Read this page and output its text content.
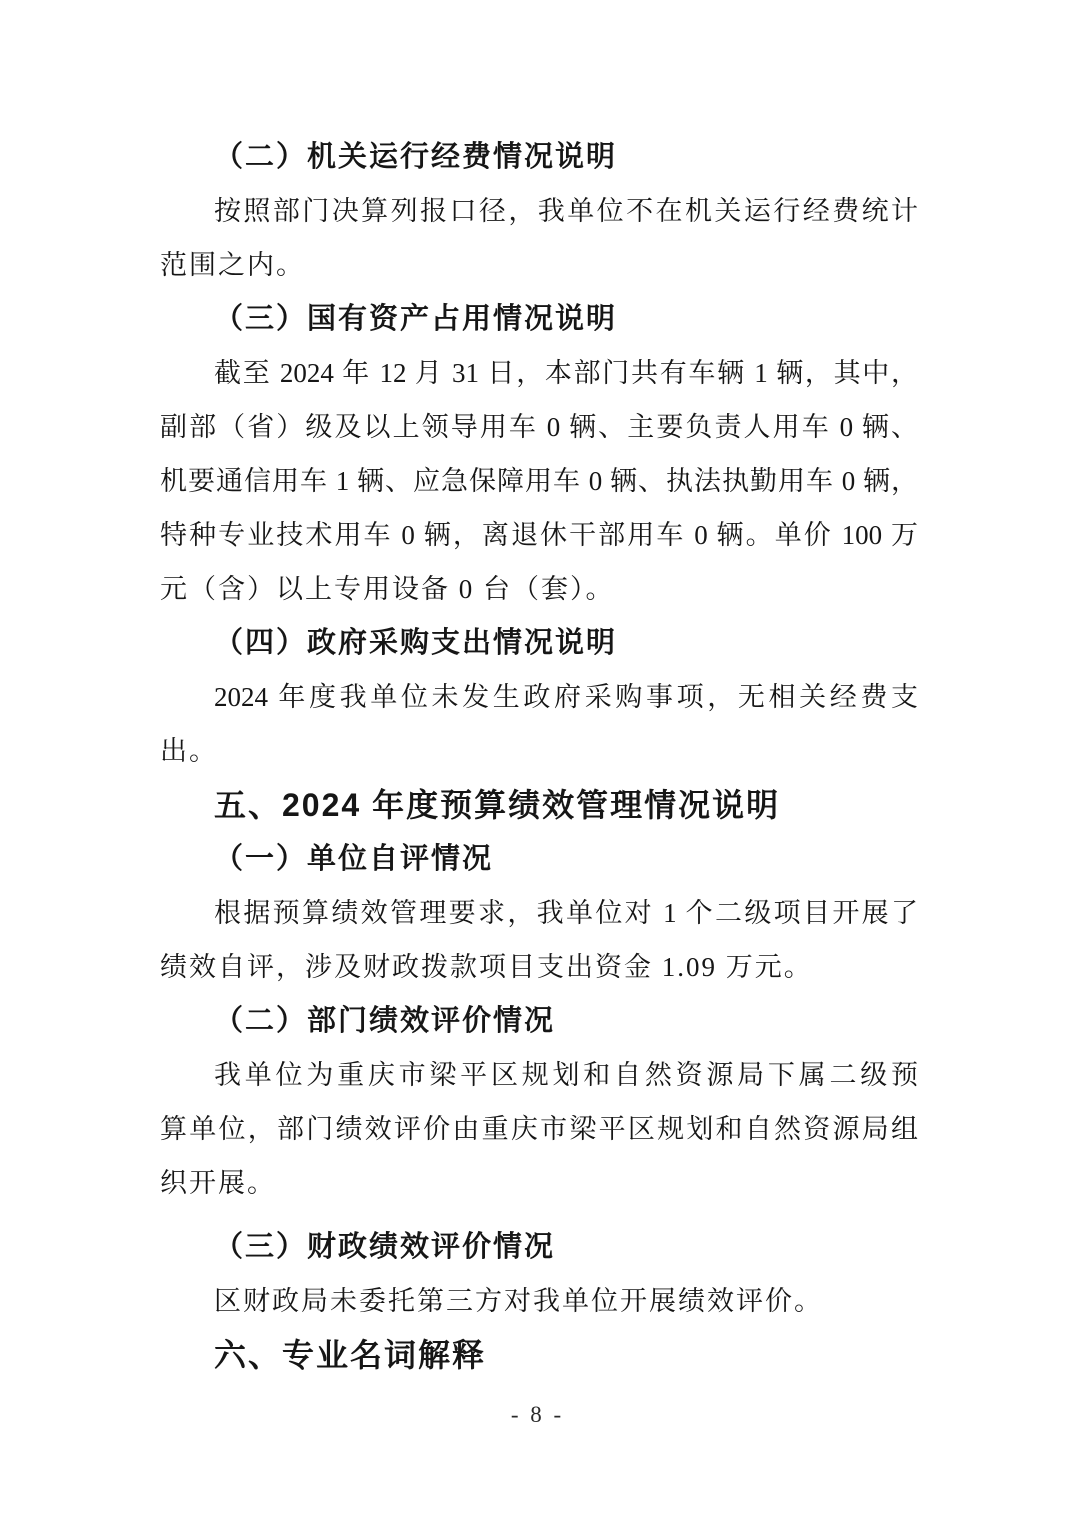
（二）机关运行经费情况说明
按照部门决算列报口径，我单位不在机关运行经费统计
范围之内。
（三）国有资产占用情况说明
截至 2024 年 12 月 31 日，本部门共有车辆 1 辆，其中，
副部（省）级及以上领导用车 0 辆、主要负责人用车 0 辆、
机要通信用车 1 辆、应急保障用车 0 辆、执法执勤用车 0 辆，
特种专业技术用车 0 辆，离退休干部用车 0 辆。单价 100 万
元（含）以上专用设备 0 台（套）。
（四）政府采购支出情况说明
2024 年度我单位未发生政府采购事项，无相关经费支
出。
五、2024 年度预算绩效管理情况说明
（一）单位自评情况
根据预算绩效管理要求，我单位对 1 个二级项目开展了
绩效自评，涉及财政拨款项目支出资金 1.09 万元。
（二）部门绩效评价情况
我单位为重庆市梁平区规划和自然资源局下属二级预
算单位，部门绩效评价由重庆市梁平区规划和自然资源局组
织开展。
（三）财政绩效评价情况
区财政局未委托第三方对我单位开展绩效评价。
六、专业名词解释
- 8 -
